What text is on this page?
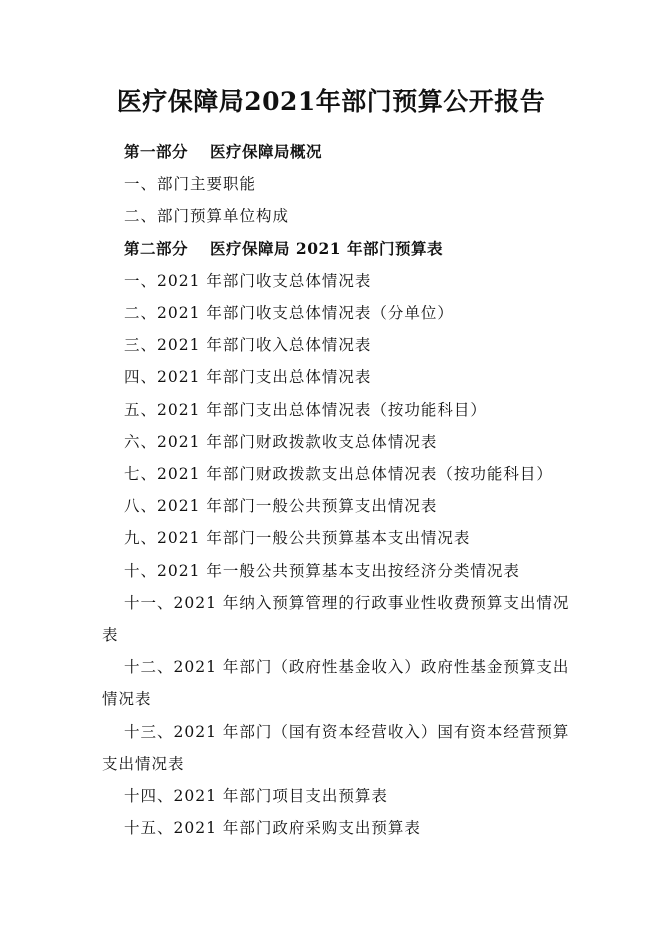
医疗保障局2021年部门预算公开报告
第一部分 医疗保障局概况
一、部门主要职能
二、部门预算单位构成
第二部分 医疗保障局 2021 年部门预算表
一、2021 年部门收支总体情况表
二、2021 年部门收支总体情况表（分单位）
三、2021 年部门收入总体情况表
四、2021 年部门支出总体情况表
五、2021 年部门支出总体情况表（按功能科目）
六、2021 年部门财政拨款收支总体情况表
七、2021 年部门财政拨款支出总体情况表（按功能科目）
八、2021 年部门一般公共预算支出情况表
九、2021 年部门一般公共预算基本支出情况表
十、2021 年一般公共预算基本支出按经济分类情况表
十一、2021 年纳入预算管理的行政事业性收费预算支出情况
表
十二、2021 年部门（政府性基金收入）政府性基金预算支出
情况表
十三、2021 年部门（国有资本经营收入）国有资本经营预算
支出情况表
十四、2021 年部门项目支出预算表
十五、2021 年部门政府采购支出预算表
